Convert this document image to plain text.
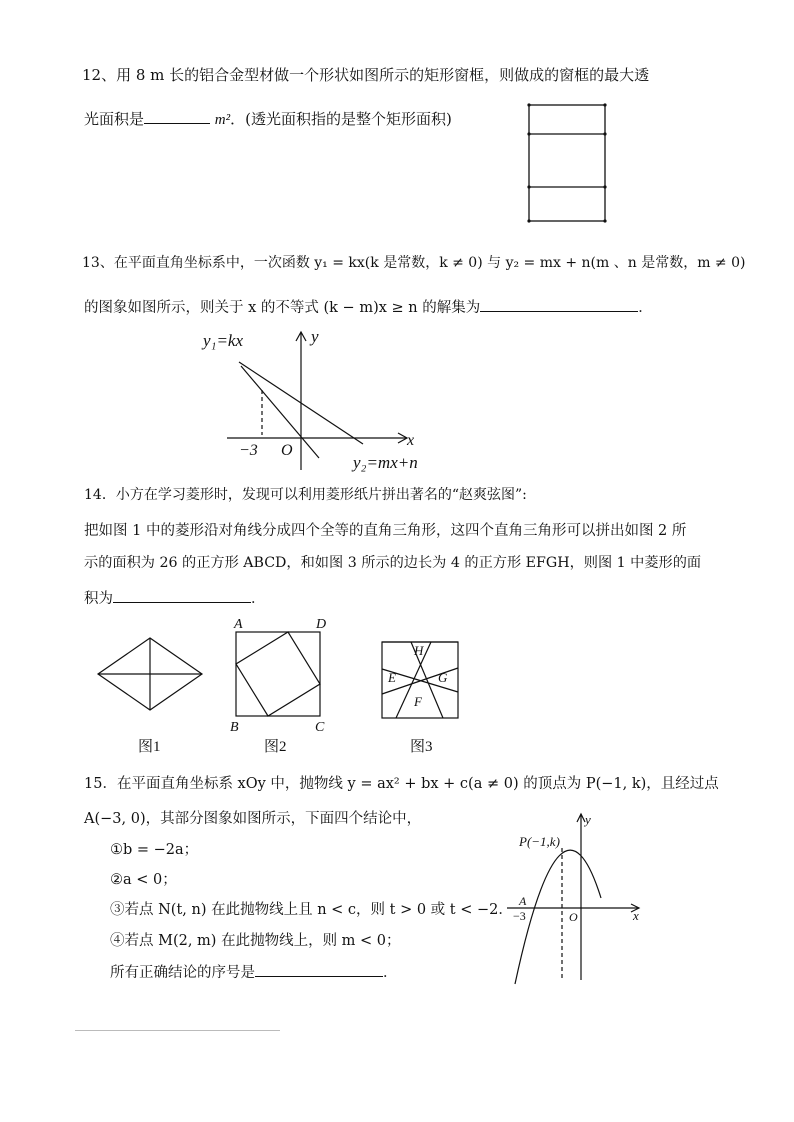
12、用 8 m 长的铝合金型材做一个形状如图所示的矩形窗框，则做成的窗框的最大透
光面积是	m²．(透光面积指的是整个矩形面积)
13、在平面直角坐标系中，一次函数 y₁ = kx(k 是常数，k ≠ 0) 与 y₂ = mx + n(m 、n 是常数，m ≠ 0)
的图象如图所示，则关于 x 的不等式 (k − m)x ≥ n 的解集为	．
y₁=kx	y
x
−3 O
y₂=mx+n
14．小方在学习菱形时，发现可以利用菱形纸片拼出著名的“赵爽弦图”:
把如图 1 中的菱形沿对角线分成四个全等的直角三角形，这四个直角三角形可以拼出如图 2 所
示的面积为 26 的正方形 ABCD，和如图 3 所示的边长为 4 的正方形 EFGH，则图 1 中菱形的面
积为	．
图1
A	D
B	C
图2
H
E	G
F
图3
15．在平面直角坐标系 xOy 中，抛物线 y = ax² + bx + c(a ≠ 0) 的顶点为 P(−1, k)，且经过点
A(−3, 0)，其部分图象如图所示，下面四个结论中，
①b = −2a；
②a < 0；
③若点 N(t, n) 在此抛物线上且 n < c，则 t > 0 或 t < −2．
④若点 M(2, m) 在此抛物线上，则 m < 0；
所有正确结论的序号是	．
P(−1,k)
y
x
A
−3	O
